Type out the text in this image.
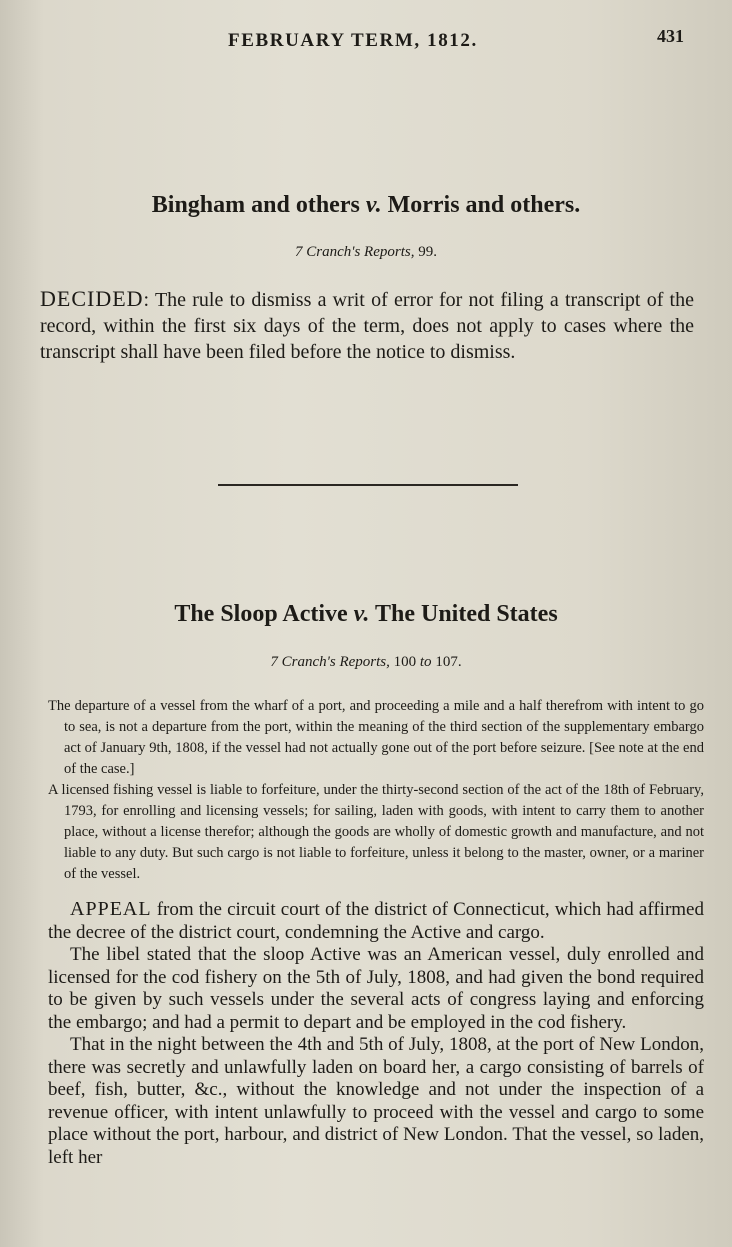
FEBRUARY TERM, 1812.	431
Bingham and others v. Morris and others.
7 Cranch's Reports, 99.
DECIDED: The rule to dismiss a writ of error for not filing a transcript of the record, within the first six days of the term, does not apply to cases where the transcript shall have been filed before the notice to dismiss.
The Sloop Active v. The United States
7 Cranch's Reports, 100 to 107.

The departure of a vessel from the wharf of a port, and proceeding a mile and a half therefrom with intent to go to sea, is not a departure from the port, within the meaning of the third section of the supplementary embargo act of January 9th, 1808, if the vessel had not actually gone out of the port before seizure. [See note at the end of the case.]

A licensed fishing vessel is liable to forfeiture, under the thirty-second section of the act of the 18th of February, 1793, for enrolling and licensing vessels; for sailing, laden with goods, with intent to carry them to another place, without a license therefor; although the goods are wholly of domestic growth and manufacture, and not liable to any duty. But such cargo is not liable to forfeiture, unless it belong to the master, owner, or a mariner of the vessel.

APPEAL from the circuit court of the district of Connecticut, which had affirmed the decree of the district court, condemning the Active and cargo.

The libel stated that the sloop Active was an American vessel, duly enrolled and licensed for the cod fishery on the 5th of July, 1808, and had given the bond required to be given by such vessels under the several acts of congress laying and enforcing the embargo; and had a permit to depart and be employed in the cod fishery.

That in the night between the 4th and 5th of July, 1808, at the port of New London, there was secretly and unlawfully laden on board her, a cargo consisting of barrels of beef, fish, butter, &c., without the knowledge and not under the inspection of a revenue officer, with intent unlawfully to proceed with the vessel and cargo to some place without the port, harbour, and district of New London. That the vessel, so laden, left her
